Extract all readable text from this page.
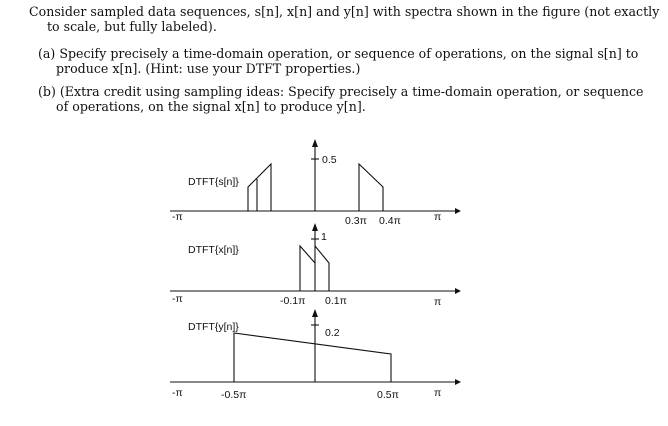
Consider sampled data sequences, s[n], x[n] and y[n] with spectra shown in the figure (not exactly
to scale, but fully labeled).
(a) Specify precisely a time-domain operation, or sequence of operations, on the signal s[n] to
produce x[n]. (Hint: use your DTFT properties.)
(b) (Extra credit using sampling ideas: Specify precisely a time-domain operation, or sequence
of operations, on the signal x[n] to produce y[n].
DTFT{s[n]}
-π	π
0.5
0.3π 0.4π
DTFT{x[n]}
-π	π
1
-0.1π 0.1π
DTFT{y[n]}
-π	π
0.2
-0.5π	0.5π
